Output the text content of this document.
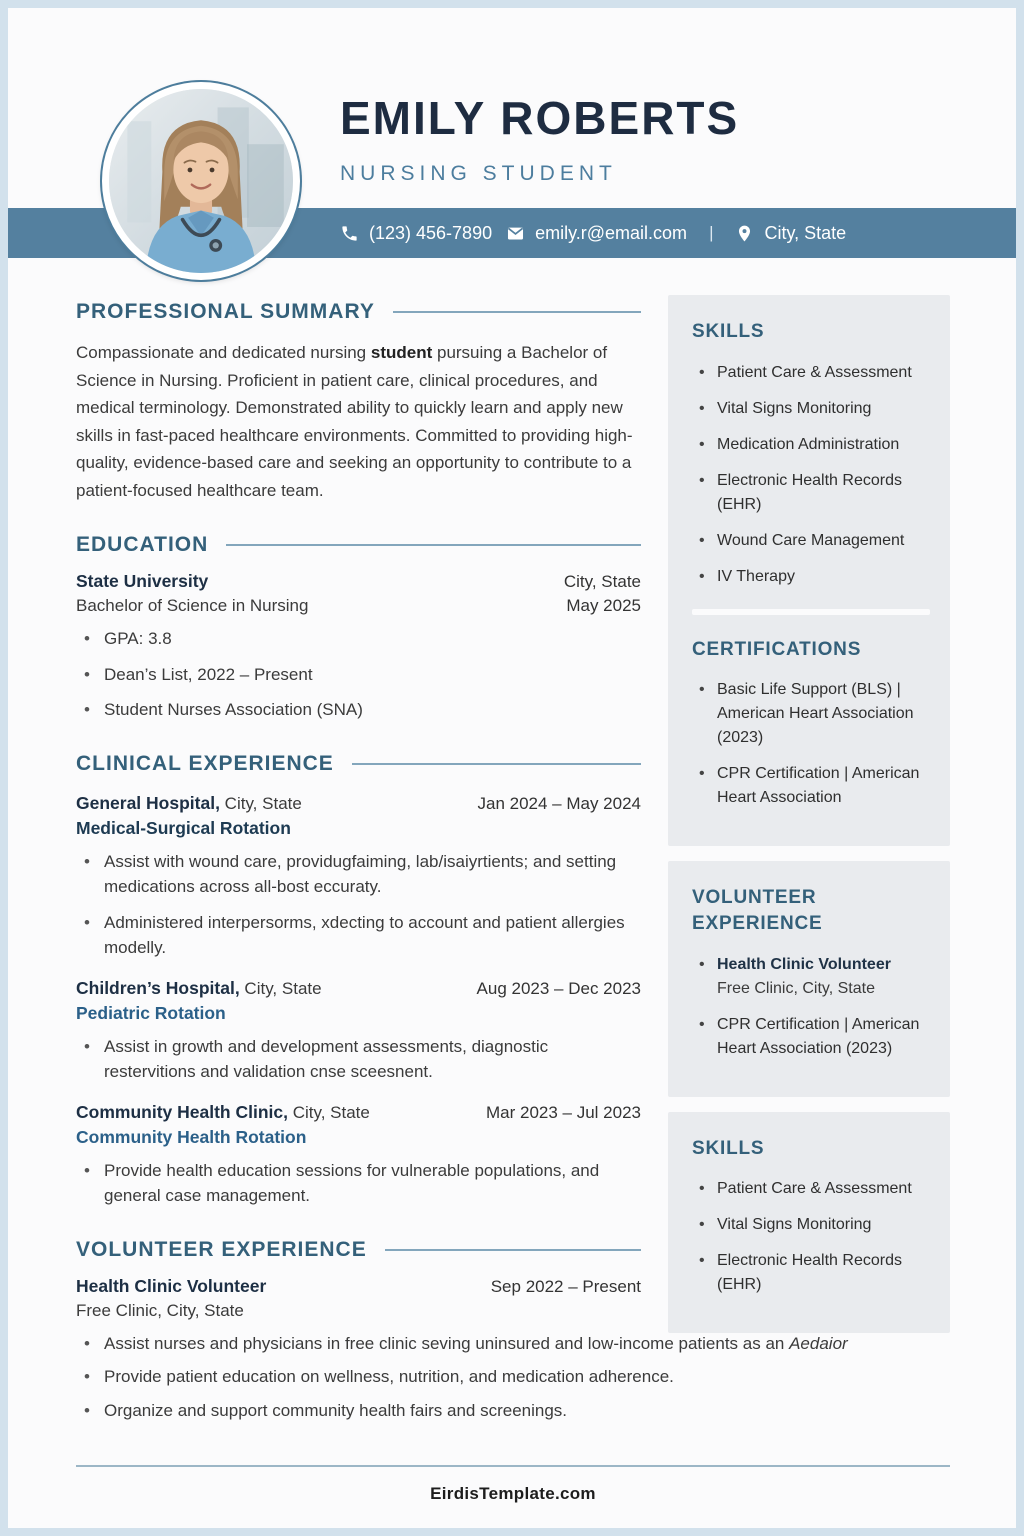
(123) 456-7890 emily.r@email.com |	City, State
EMILY ROBERTS
NURSING STUDENT
PROFESSIONAL SUMMARY

Compassionate and dedicated nursing student pursuing a Bachelor of Science in Nursing. Proficient in patient care, clinical procedures, and medical terminology. Demonstrated ability to quickly learn and apply new skills in fast-paced healthcare environments. Committed to providing high-quality, evidence-based care and seeking an opportunity to contribute to a patient-focused healthcare team.

EDUCATION
State University	City, State
Bachelor of Science in Nursing	May 2025
• GPA: 3.8
• Dean’s List, 2022 – Present
• Student Nurses Association (SNA)
CLINICAL EXPERIENCE
General Hospital, City, State	Jan 2024 – May 2024
Medical-Surgical Rotation
• Assist with wound care, providugfaiming, lab/isaiyrtients; and setting medications across all-bost eccuraty.
• Administered interpersorms, xdecting to account and patient allergies modelly.
Children’s Hospital, City, State	Aug 2023 – Dec 2023
Pediatric Rotation
• Assist in growth and development assessments, diagnostic restervitions and validation cnse sceesnent.
Community Health Clinic, City, State	Mar 2023 – Jul 2023
Community Health Rotation
• Provide health education sessions for vulnerable populations, and general case management.
VOLUNTEER EXPERIENCE
Health Clinic Volunteer	Sep 2022 – Present
Free Clinic, City, State
• Assist nurses and physicians in free clinic seving uninsured and low-income patients as an Aedaior
• Provide patient education on wellness, nutrition, and medication adherence.
• Organize and support community health fairs and screenings.
SKILLS
• Patient Care & Assessment
• Vital Signs Monitoring
• Medication Administration
• Electronic Health Records (EHR)
• Wound Care Management
• IV Therapy
CERTIFICATIONS
• Basic Life Support (BLS) | American Heart Association (2023)
• CPR Certification | American Heart Association
VOLUNTEER EXPERIENCE
• Health Clinic Volunteer
Free Clinic, City, State
• CPR Certification | American Heart Association (2023)
SKILLS
• Patient Care & Assessment
• Vital Signs Monitoring
• Electronic Health Records (EHR)
EirdisTemplate.com
